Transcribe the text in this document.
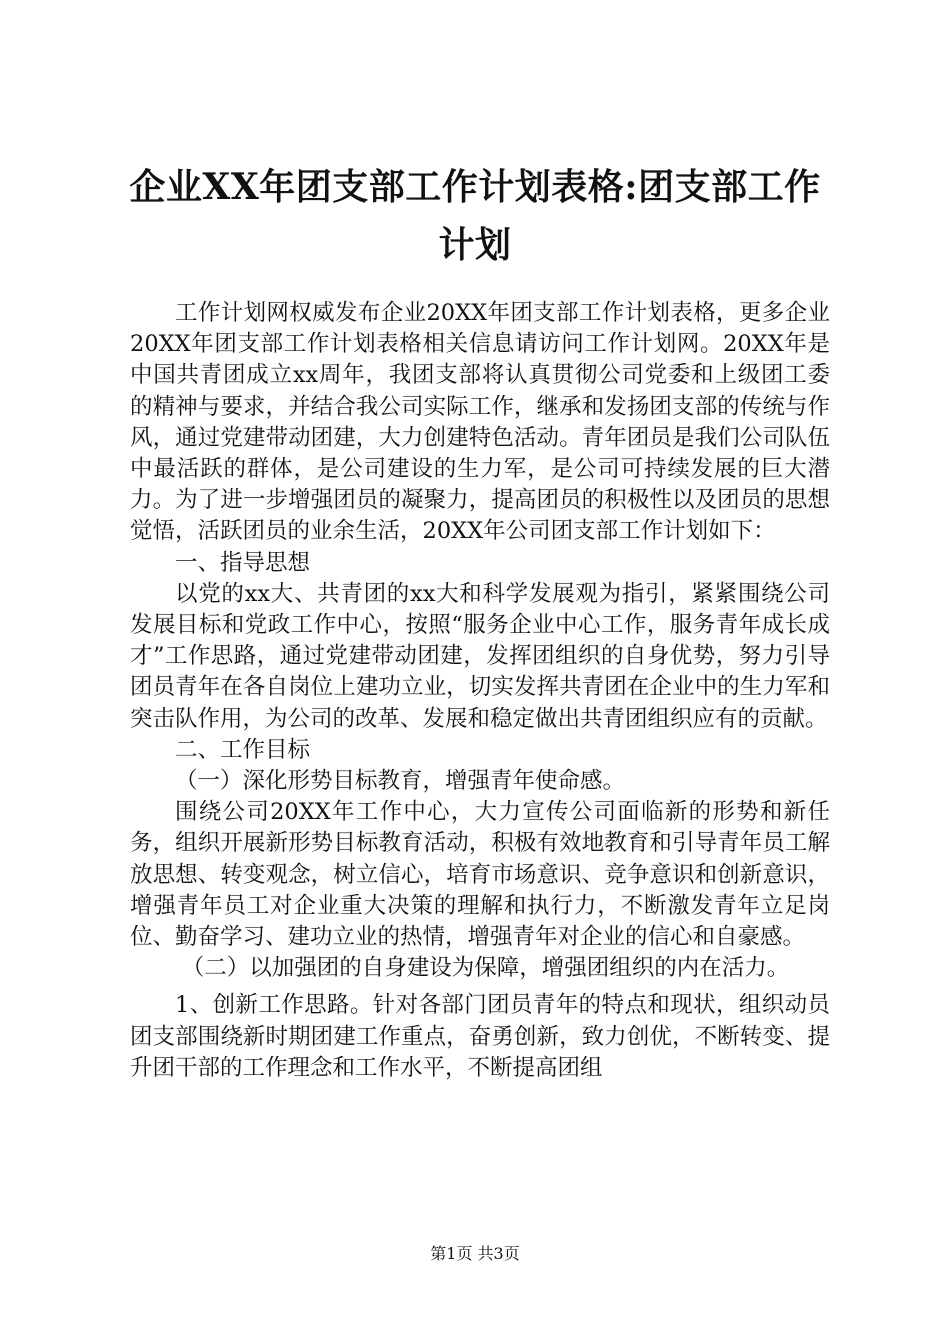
企业XX年团支部工作计划表格:团支部工作计划

工作计划网权威发布企业20XX年团支部工作计划表格，更多企业20XX年团支部工作计划表格相关信息请访问工作计划网。20XX年是中国共青团成立xx周年，我团支部将认真贯彻公司党委和上级团工委的精神与要求，并结合我公司实际工作，继承和发扬团支部的传统与作风，通过党建带动团建，大力创建特色活动。青年团员是我们公司队伍中最活跃的群体，是公司建设的生力军，是公司可持续发展的巨大潜力。为了进一步增强团员的凝聚力，提高团员的积极性以及团员的思想觉悟，活跃团员的业余生活，20XX年公司团支部工作计划如下：

一、指导思想

以党的xx大、共青团的xx大和科学发展观为指引，紧紧围绕公司发展目标和党政工作中心，按照“服务企业中心工作，服务青年成长成才”工作思路，通过党建带动团建，发挥团组织的自身优势，努力引导团员青年在各自岗位上建功立业，切实发挥共青团在企业中的生力军和突击队作用，为公司的改革、发展和稳定做出共青团组织应有的贡献。

二、工作目标

（一）深化形势目标教育，增强青年使命感。

围绕公司20XX年工作中心，大力宣传公司面临新的形势和新任务，组织开展新形势目标教育活动，积极有效地教育和引导青年员工解放思想、转变观念，树立信心，培育市场意识、竞争意识和创新意识，增强青年员工对企业重大决策的理解和执行力，不断激发青年立足岗位、勤奋学习、建功立业的热情，增强青年对企业的信心和自豪感。

（二）以加强团的自身建设为保障，增强团组织的内在活力。

1、创新工作思路。针对各部门团员青年的特点和现状，组织动员团支部围绕新时期团建工作重点，奋勇创新，致力创优，不断转变、提升团干部的工作理念和工作水平，不断提高团组

第1页 共3页
